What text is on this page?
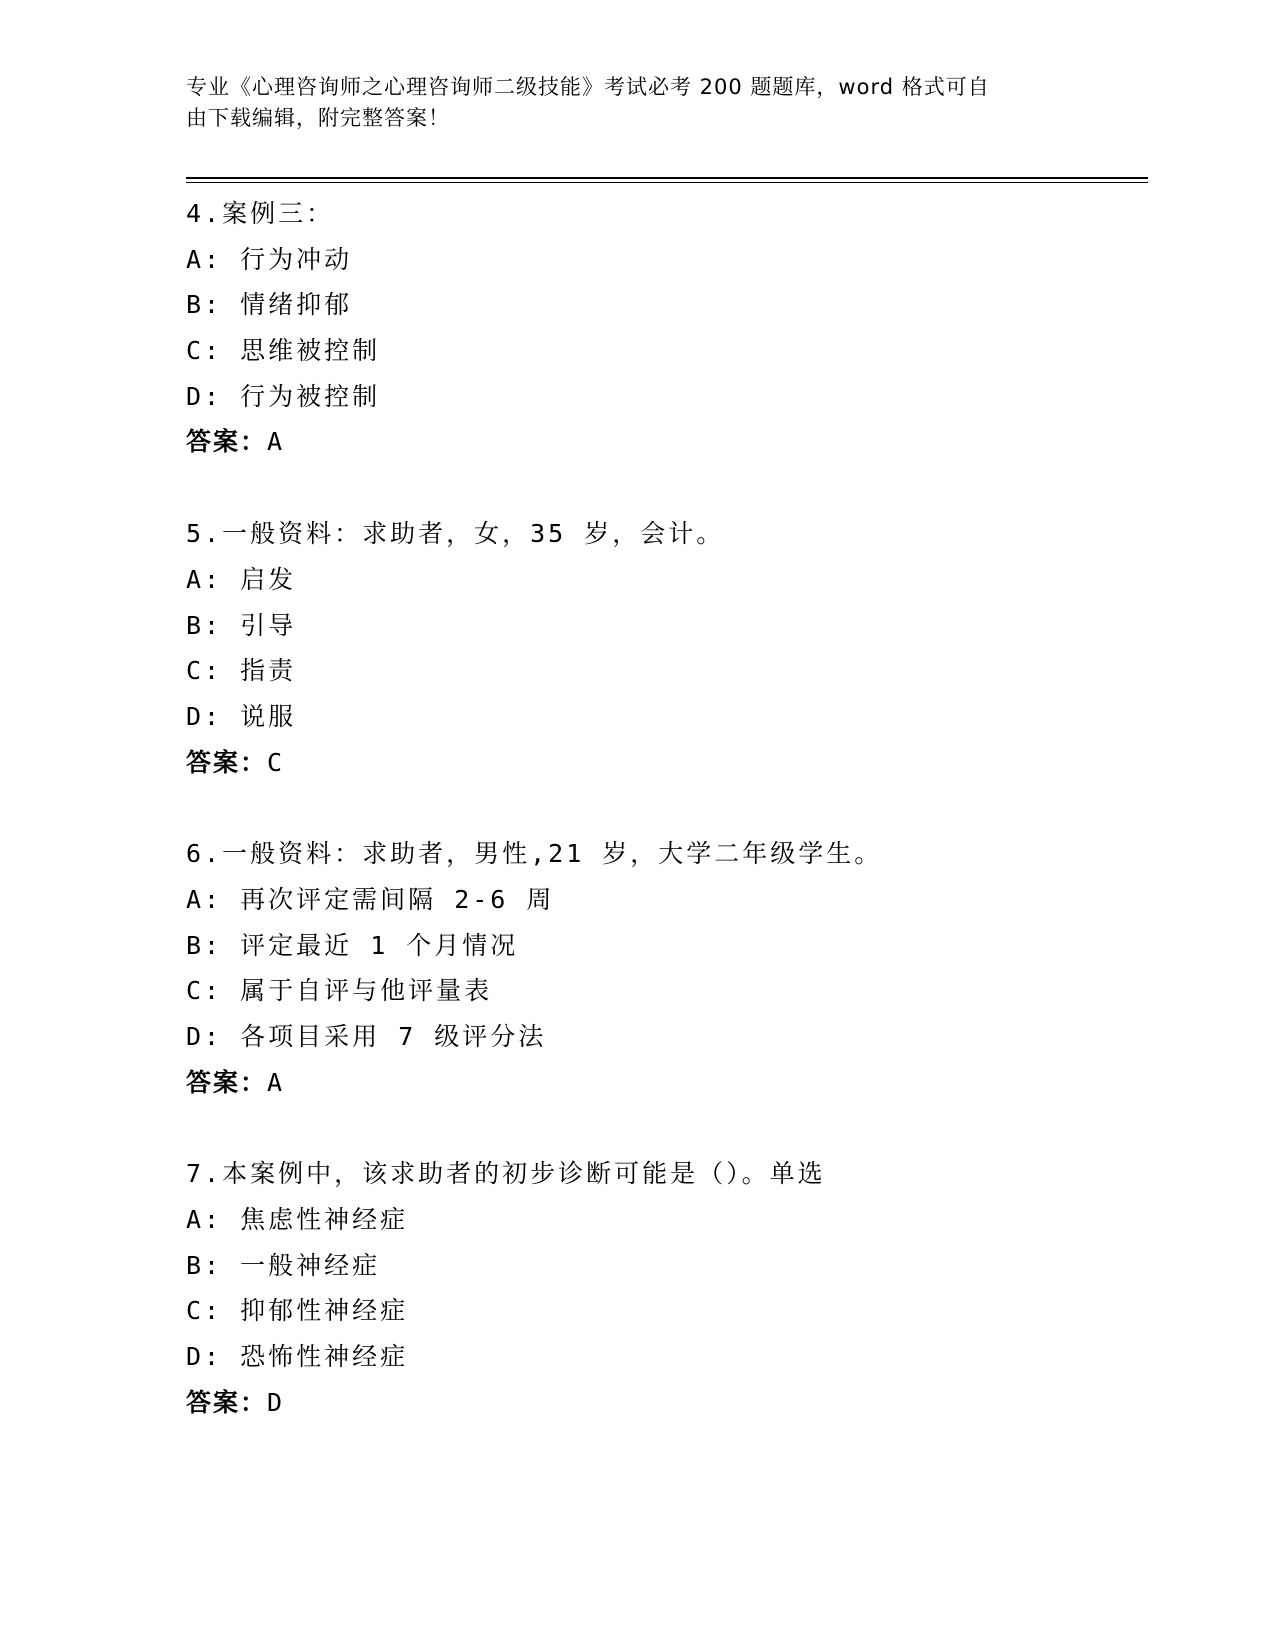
专业《心理咨询师之心理咨询师二级技能》考试必考 200 题题库，word 格式可自
由下载编辑，附完整答案！
4.案例三：
A: 行为冲动
B: 情绪抑郁
C: 思维被控制
D: 行为被控制
答案：A
5.一般资料：求助者，女，35 岁，会计。
A: 启发
B: 引导
C: 指责
D: 说服
答案：C
6.一般资料：求助者，男性,21 岁，大学二年级学生。
A: 再次评定需间隔 2-6 周
B: 评定最近 1 个月情况
C: 属于自评与他评量表
D: 各项目采用 7 级评分法
答案：A
7.本案例中，该求助者的初步诊断可能是（）。单选
A: 焦虑性神经症
B: 一般神经症
C: 抑郁性神经症
D: 恐怖性神经症
答案：D
